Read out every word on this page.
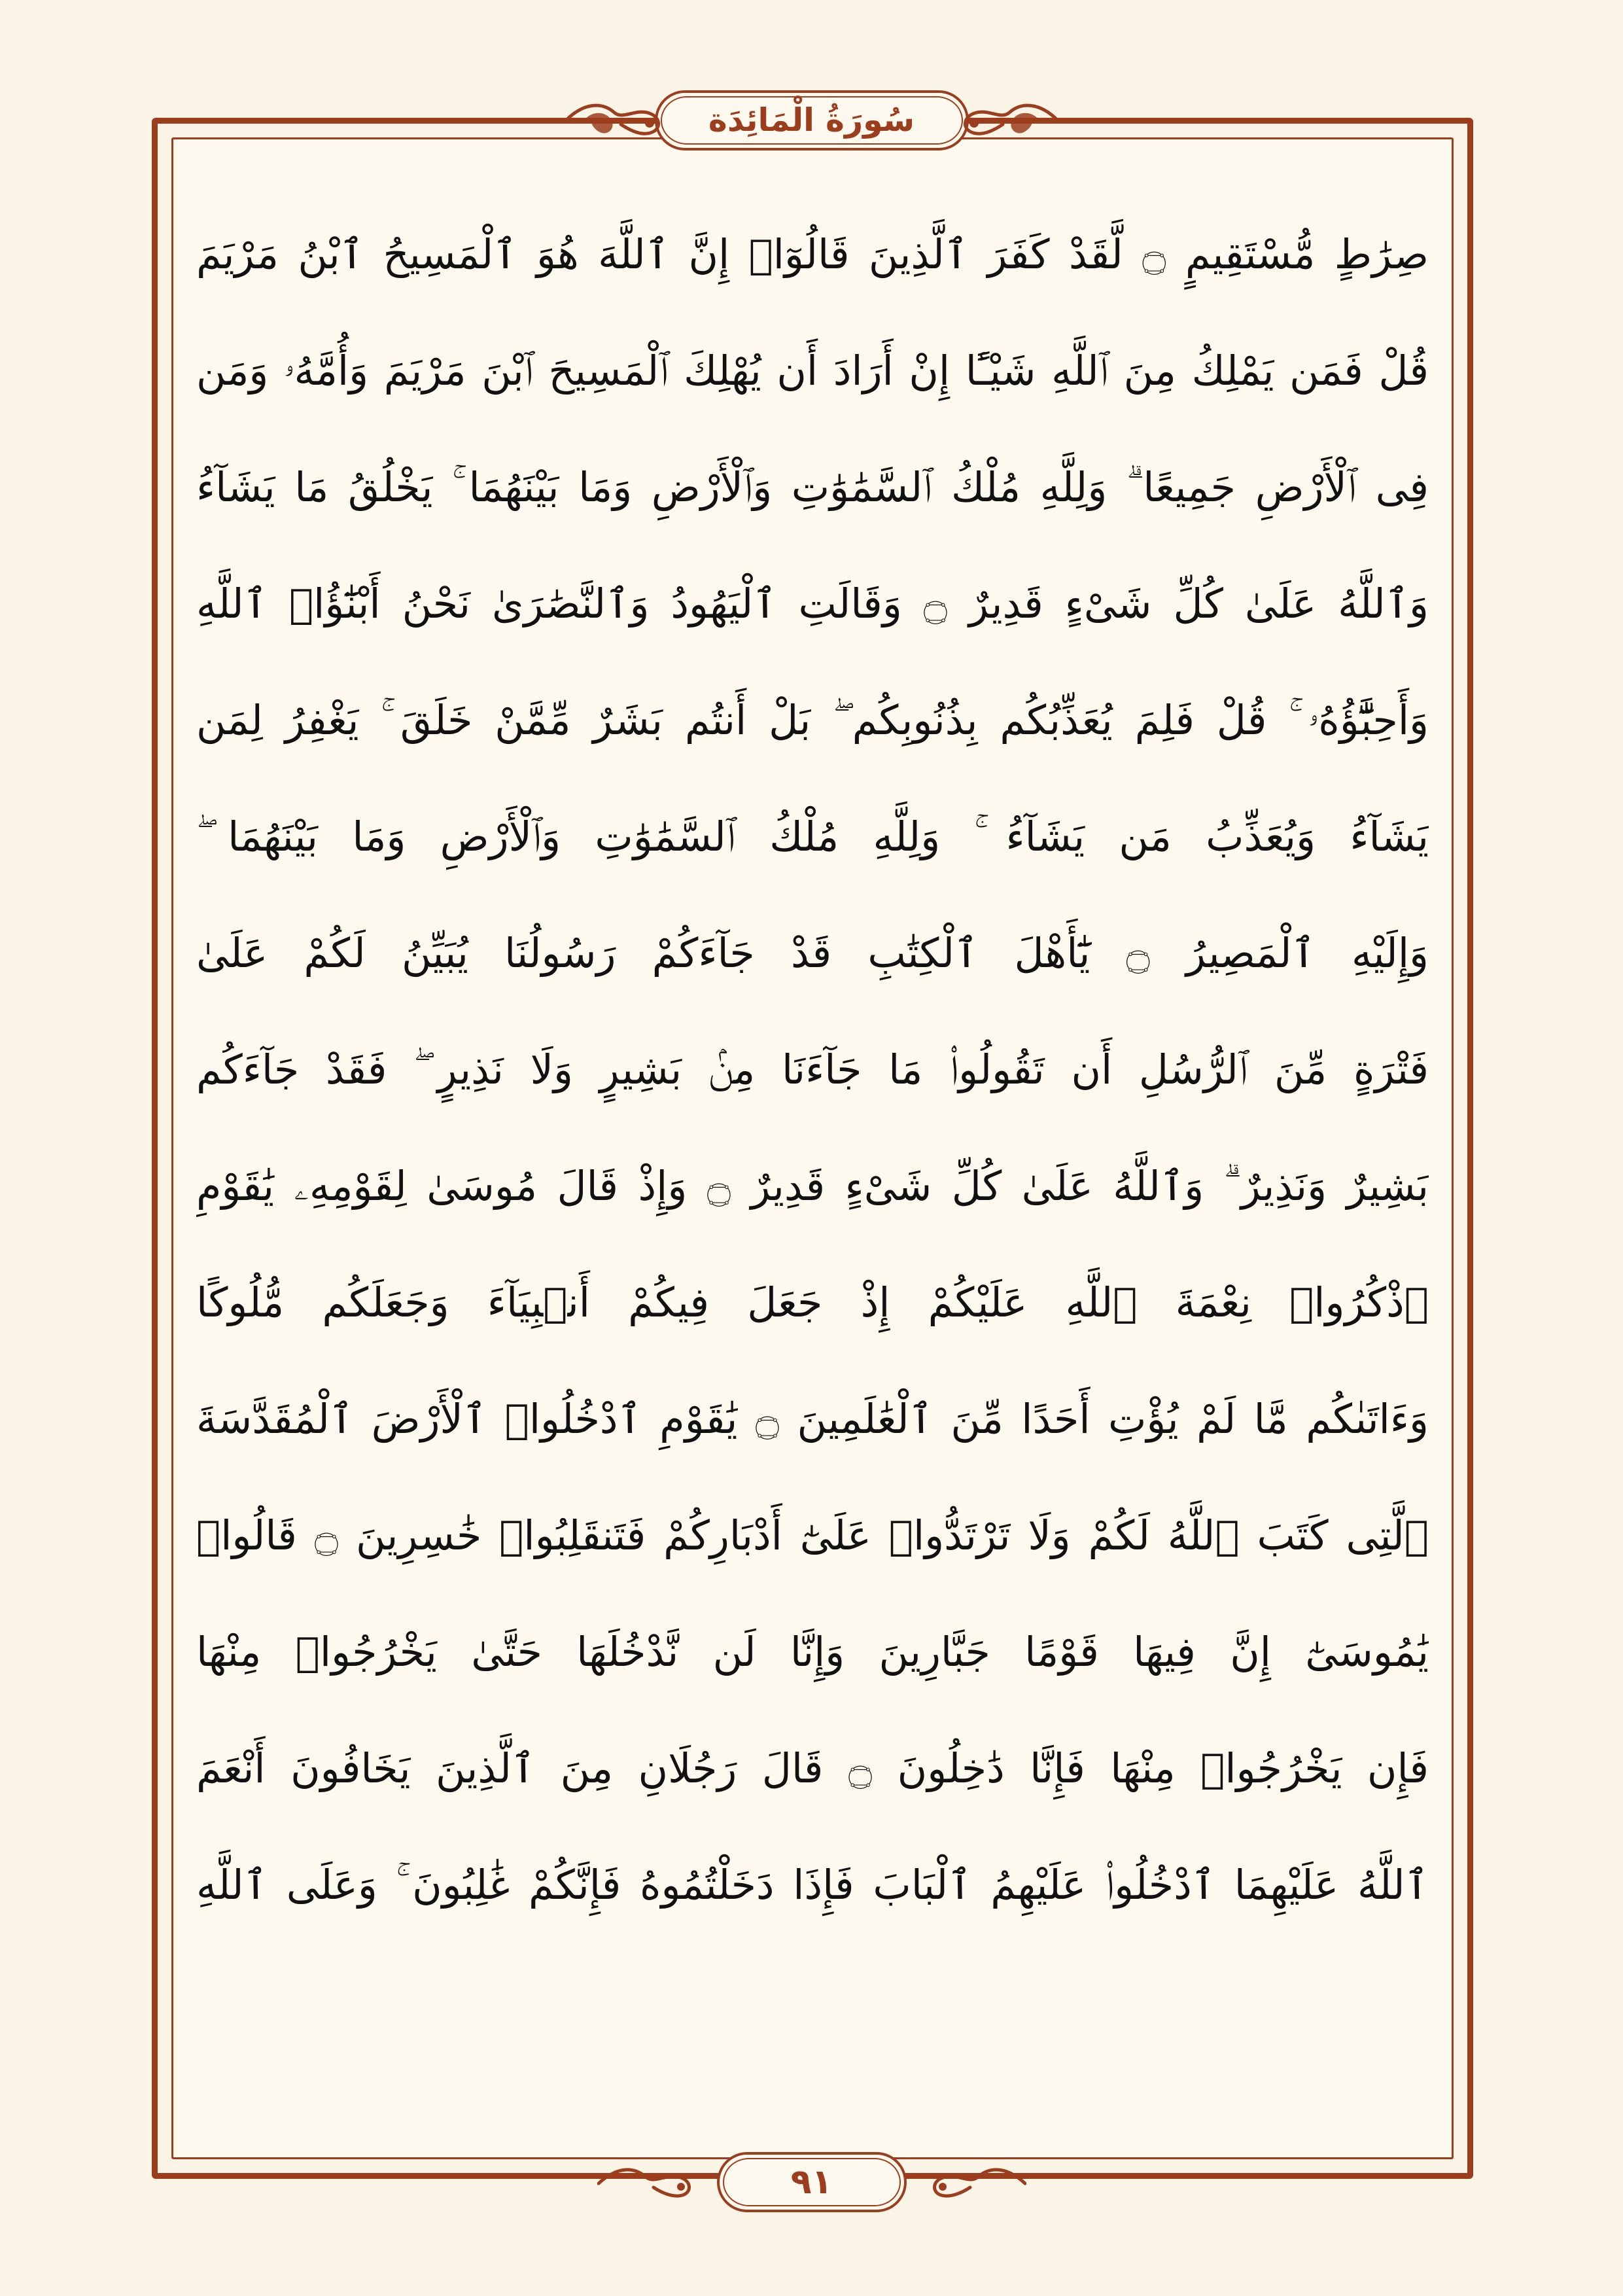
سُورَةُ الْمَائِدَة
صِرَٰطٍ مُّسْتَقِيمٍ ۝ لَّقَدْ كَفَرَ ٱلَّذِينَ قَالُوٓا۟ إِنَّ ٱللَّهَ هُوَ ٱلْمَسِيحُ ٱبْنُ مَرْيَمَ
قُلْ فَمَن يَمْلِكُ مِنَ ٱللَّهِ شَيْـًٔا إِنْ أَرَادَ أَن يُهْلِكَ ٱلْمَسِيحَ ٱبْنَ مَرْيَمَ وَأُمَّهُۥ وَمَن
فِى ٱلْأَرْضِ جَمِيعًا ۗ وَلِلَّهِ مُلْكُ ٱلسَّمَٰوَٰتِ وَٱلْأَرْضِ وَمَا بَيْنَهُمَا ۚ يَخْلُقُ مَا يَشَآءُ
وَٱللَّهُ عَلَىٰ كُلِّ شَىْءٍ قَدِيرٌ ۝ وَقَالَتِ ٱلْيَهُودُ وَٱلنَّصَٰرَىٰ نَحْنُ أَبْنَٰٓؤُا۟ ٱللَّهِ
وَأَحِبَّٰٓؤُهُۥ ۚ قُلْ فَلِمَ يُعَذِّبُكُم بِذُنُوبِكُم ۖ بَلْ أَنتُم بَشَرٌ مِّمَّنْ خَلَقَ ۚ يَغْفِرُ لِمَن
يَشَآءُ وَيُعَذِّبُ مَن يَشَآءُ ۚ وَلِلَّهِ مُلْكُ ٱلسَّمَٰوَٰتِ وَٱلْأَرْضِ وَمَا بَيْنَهُمَا ۖ
وَإِلَيْهِ ٱلْمَصِيرُ ۝ يَٰٓأَهْلَ ٱلْكِتَٰبِ قَدْ جَآءَكُمْ رَسُولُنَا يُبَيِّنُ لَكُمْ عَلَىٰ
فَتْرَةٍ مِّنَ ٱلرُّسُلِ أَن تَقُولُوا۟ مَا جَآءَنَا مِنۢ بَشِيرٍ وَلَا نَذِيرٍ ۖ فَقَدْ جَآءَكُم
بَشِيرٌ وَنَذِيرٌ ۗ وَٱللَّهُ عَلَىٰ كُلِّ شَىْءٍ قَدِيرٌ ۝ وَإِذْ قَالَ مُوسَىٰ لِقَوْمِهِۦ يَٰقَوْمِ
ٱذْكُرُوا۟ نِعْمَةَ ٱللَّهِ عَلَيْكُمْ إِذْ جَعَلَ فِيكُمْ أَنۢبِيَآءَ وَجَعَلَكُم مُّلُوكًا
وَءَاتَىٰكُم مَّا لَمْ يُؤْتِ أَحَدًا مِّنَ ٱلْعَٰلَمِينَ ۝ يَٰقَوْمِ ٱدْخُلُوا۟ ٱلْأَرْضَ ٱلْمُقَدَّسَةَ
ٱلَّتِى كَتَبَ ٱللَّهُ لَكُمْ وَلَا تَرْتَدُّوا۟ عَلَىٰٓ أَدْبَارِكُمْ فَتَنقَلِبُوا۟ خَٰسِرِينَ ۝ قَالُوا۟
يَٰمُوسَىٰٓ إِنَّ فِيهَا قَوْمًا جَبَّارِينَ وَإِنَّا لَن نَّدْخُلَهَا حَتَّىٰ يَخْرُجُوا۟ مِنْهَا
فَإِن يَخْرُجُوا۟ مِنْهَا فَإِنَّا دَٰخِلُونَ ۝ قَالَ رَجُلَانِ مِنَ ٱلَّذِينَ يَخَافُونَ أَنْعَمَ
ٱللَّهُ عَلَيْهِمَا ٱدْخُلُوا۟ عَلَيْهِمُ ٱلْبَابَ فَإِذَا دَخَلْتُمُوهُ فَإِنَّكُمْ غَٰلِبُونَ ۚ وَعَلَى ٱللَّهِ
٩١
